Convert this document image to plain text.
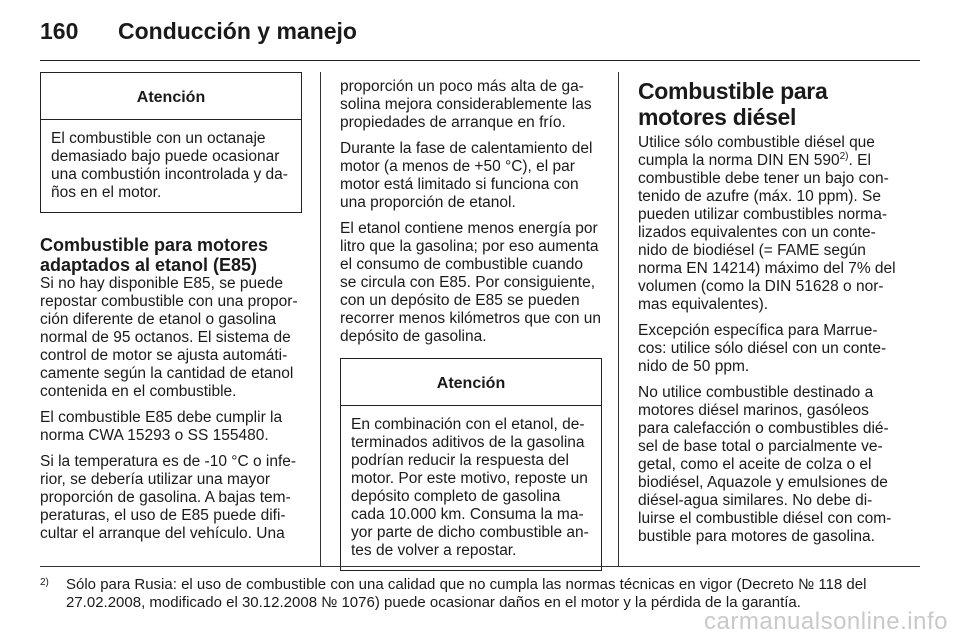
160	Conducción y manejo
Atención
El combustible con un octanaje demasiado bajo puede ocasionar una combustión incontrolada y da-ños en el motor.
Combustible para motores adaptados al etanol (E85)

Si no hay disponible E85, se puede repostar combustible con una propor-ción diferente de etanol o gasolina normal de 95 octanos. El sistema de control de motor se ajusta automáti-camente según la cantidad de etanol contenida en el combustible.

El combustible E85 debe cumplir la norma CWA 15293 o SS 155480.

Si la temperatura es de -10 °C o infe-rior, se debería utilizar una mayor proporción de gasolina. A bajas tem-peraturas, el uso de E85 puede difi-cultar el arranque del vehículo. Una

proporción un poco más alta de ga-solina mejora considerablemente las propiedades de arranque en frío.

Durante la fase de calentamiento del motor (a menos de +50 °C), el par motor está limitado si funciona con una proporción de etanol.

El etanol contiene menos energía por litro que la gasolina; por eso aumenta el consumo de combustible cuando se circula con E85. Por consiguiente, con un depósito de E85 se pueden recorrer menos kilómetros que con un depósito de gasolina.

Atención
En combinación con el etanol, de-terminados aditivos de la gasolina podrían reducir la respuesta del motor. Por este motivo, reposte un depósito completo de gasolina cada 10.000 km. Consuma la ma-yor parte de dicho combustible an-tes de volver a repostar.
Combustible para motores diésel

Utilice sólo combustible diésel que cumpla la norma DIN EN 590$^{2)}$. El combustible debe tener un bajo con-tenido de azufre (máx. 10 ppm). Se pueden utilizar combustibles norma-lizados equivalentes con un conte-nido de biodiésel (= FAME según norma EN 14214) máximo del 7% del volumen (como la DIN 51628 o nor-mas equivalentes).

Excepción específica para Marrue-cos: utilice sólo diésel con un conte-nido de 50 ppm.

No utilice combustible destinado a motores diésel marinos, gasóleos para calefacción o combustibles dié-sel de base total o parcialmente ve-getal, como el aceite de colza o el biodiésel, Aquazole y emulsiones de diésel-agua similares. No debe di-luirse el combustible diésel con com-bustible para motores de gasolina.

2) Sólo para Rusia: el uso de combustible con una calidad que no cumpla las normas técnicas en vigor (Decreto № 118 del 27.02.2008, modificado el 30.12.2008 № 1076) puede ocasionar daños en el motor y la pérdida de la garantía.
carmanualsonline.info
